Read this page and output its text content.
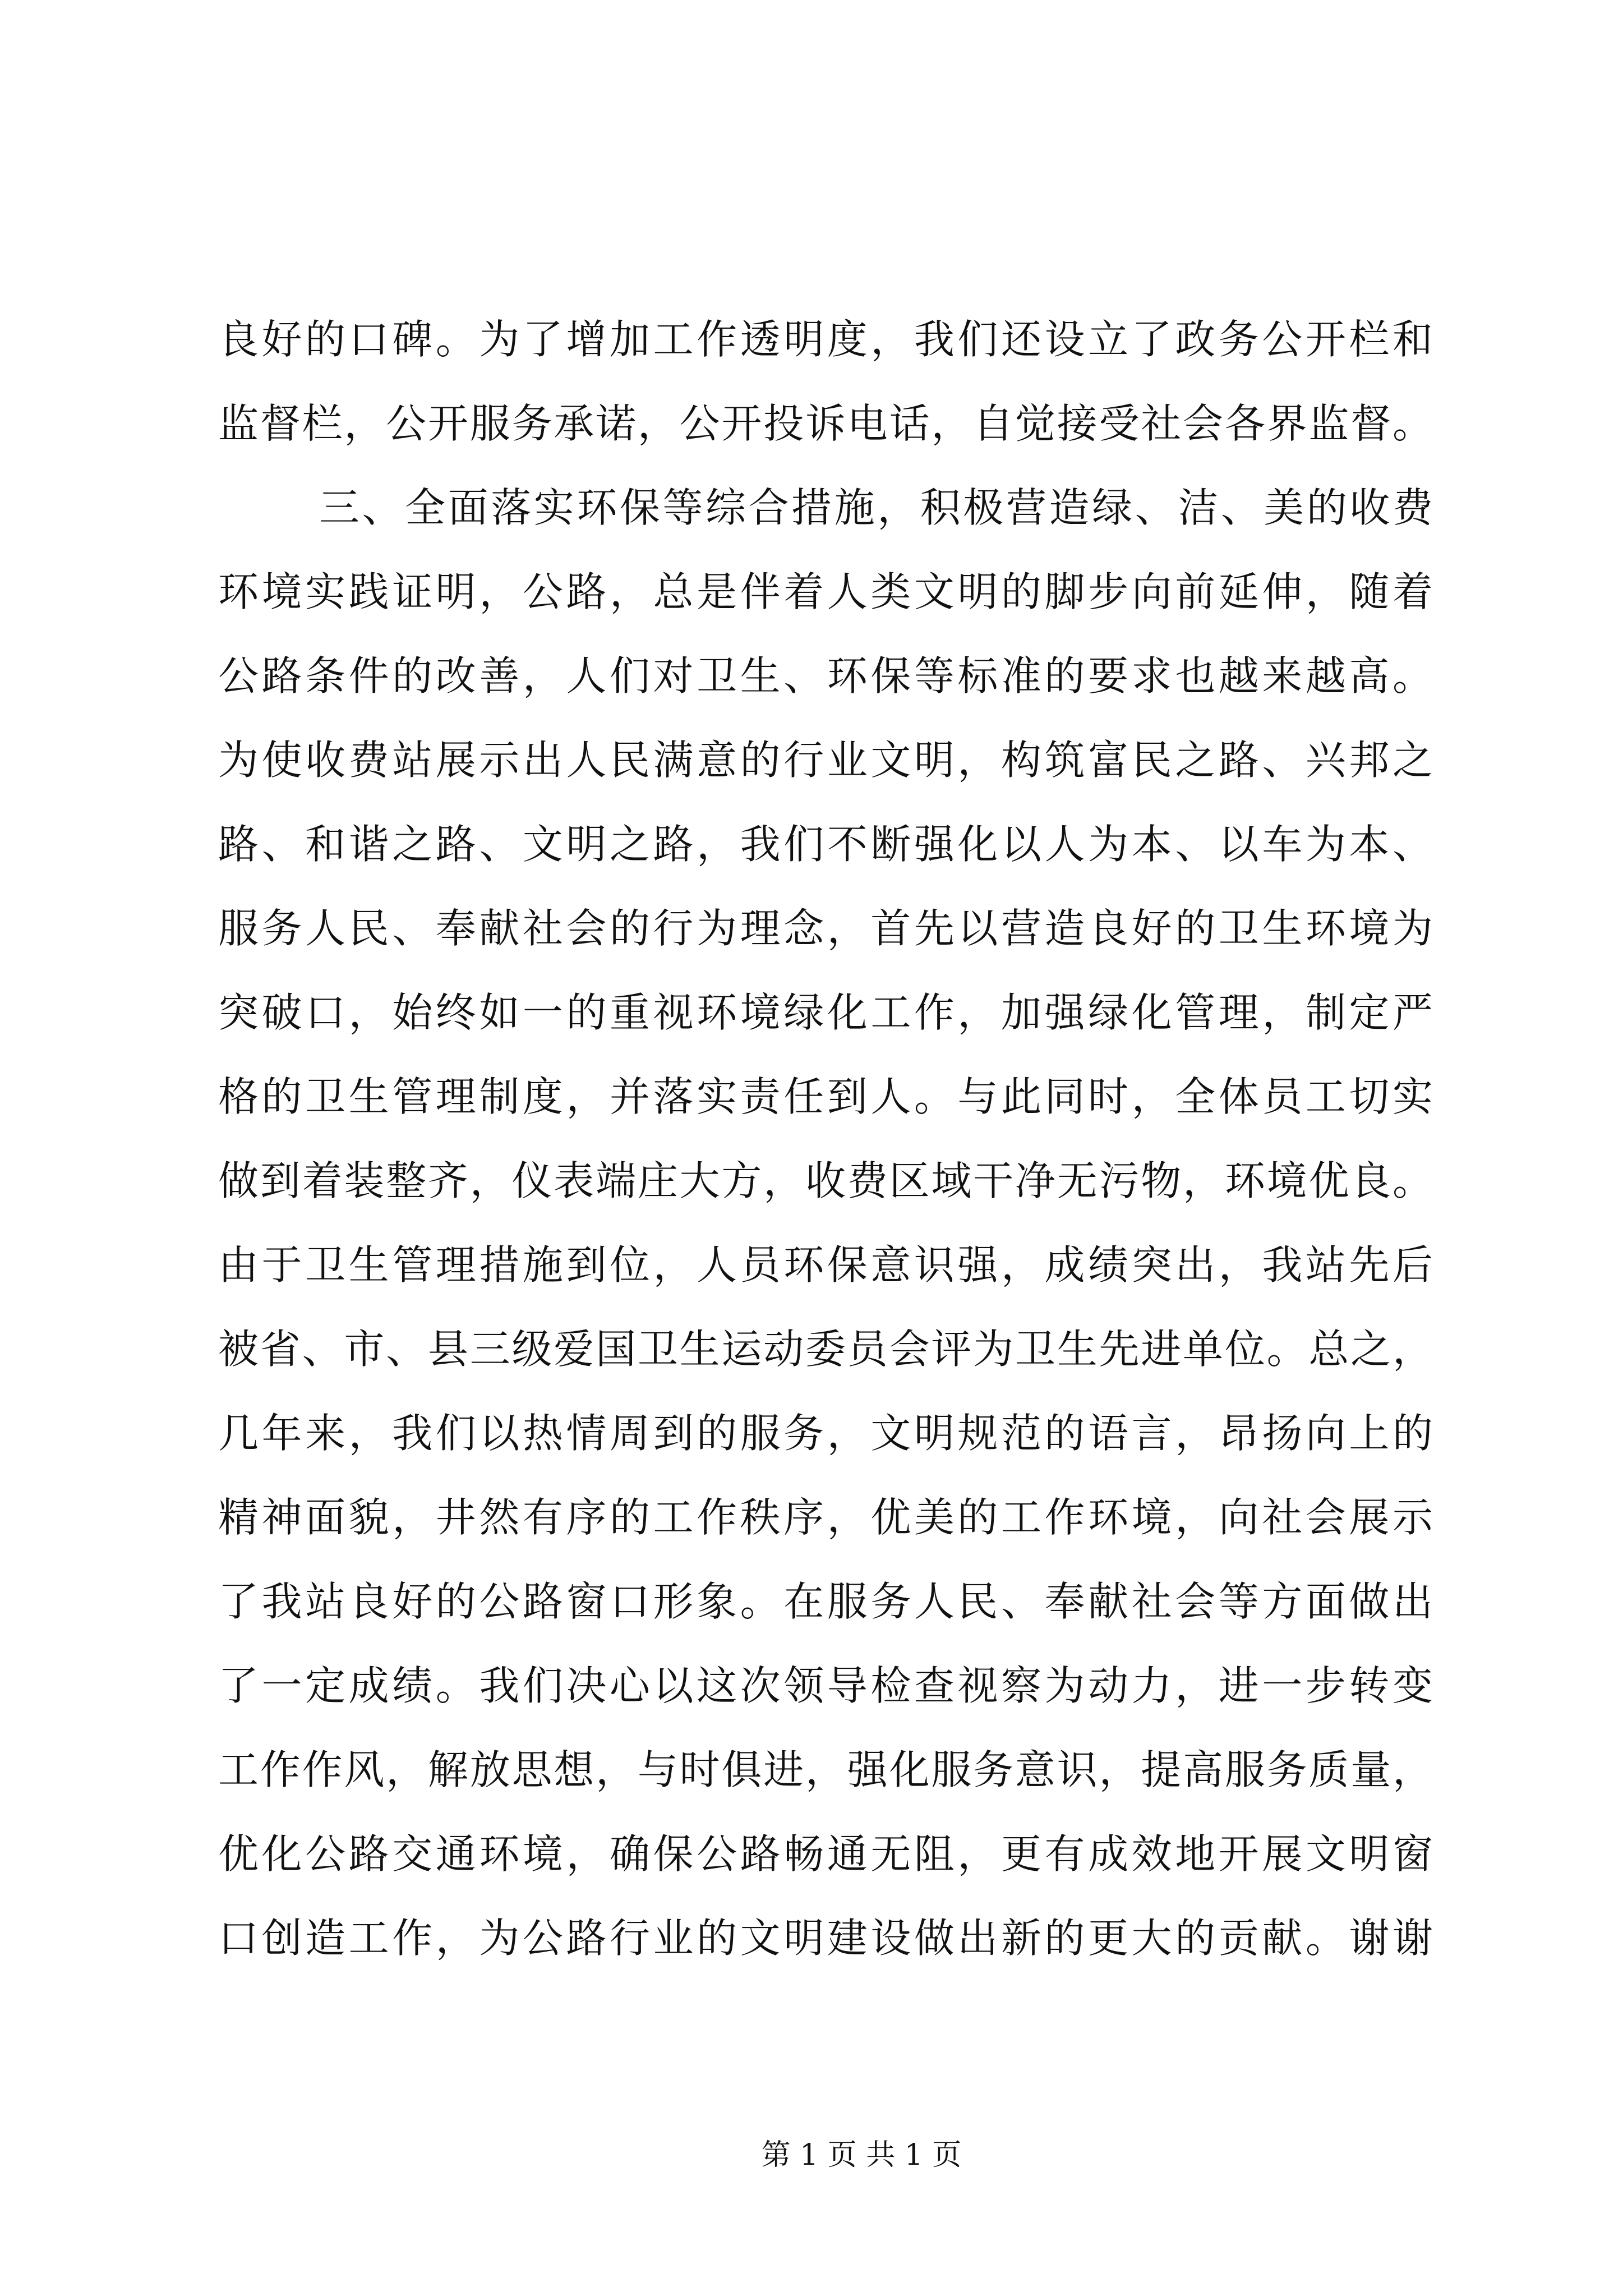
良好的口碑。为了增加工作透明度，我们还设立了政务公开栏和
监督栏，公开服务承诺，公开投诉电话，自觉接受社会各界监督。
三、全面落实环保等综合措施，积极营造绿、洁、美的收费
环境实践证明，公路，总是伴着人类文明的脚步向前延伸，随着
公路条件的改善，人们对卫生、环保等标准的要求也越来越高。
为使收费站展示出人民满意的行业文明，构筑富民之路、兴邦之
路、和谐之路、文明之路，我们不断强化以人为本、以车为本、
服务人民、奉献社会的行为理念，首先以营造良好的卫生环境为
突破口，始终如一的重视环境绿化工作，加强绿化管理，制定严
格的卫生管理制度，并落实责任到人。与此同时，全体员工切实
做到着装整齐，仪表端庄大方，收费区域干净无污物，环境优良。
由于卫生管理措施到位，人员环保意识强，成绩突出，我站先后
被省、市、县三级爱国卫生运动委员会评为卫生先进单位。总之，
几年来，我们以热情周到的服务，文明规范的语言，昂扬向上的
精神面貌，井然有序的工作秩序，优美的工作环境，向社会展示
了我站良好的公路窗口形象。在服务人民、奉献社会等方面做出
了一定成绩。我们决心以这次领导检查视察为动力，进一步转变
工作作风，解放思想，与时俱进，强化服务意识，提高服务质量，
优化公路交通环境，确保公路畅通无阻，更有成效地开展文明窗
口创造工作，为公路行业的文明建设做出新的更大的贡献。谢谢
第 1 页 共 1 页
